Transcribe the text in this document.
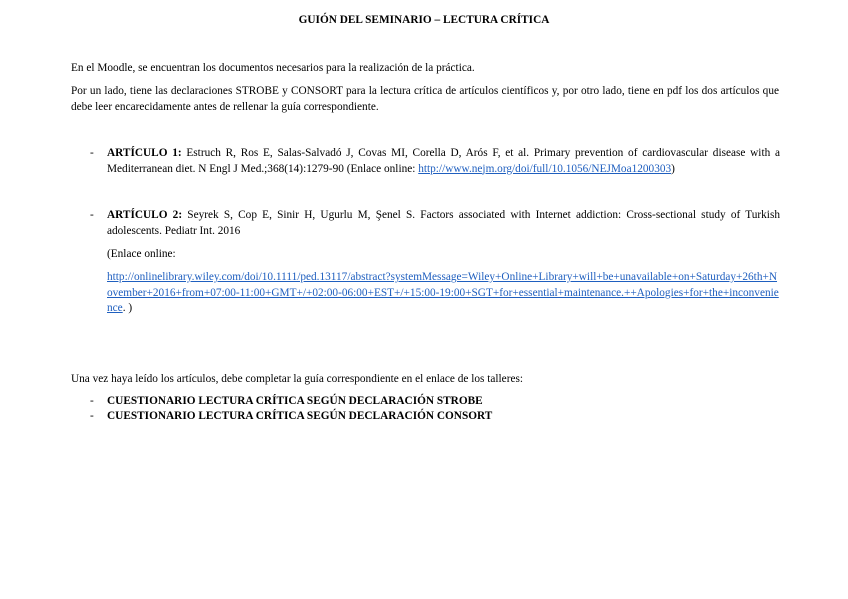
GUIÓN DEL SEMINARIO – LECTURA CRÍTICA
En el Moodle, se encuentran los documentos necesarios para la realización de la práctica.
Por un lado, tiene las declaraciones STROBE y CONSORT para la lectura crítica de artículos científicos y, por otro lado, tiene en pdf los dos artículos que debe leer encarecidamente antes de rellenar la guía correspondiente.
- ARTÍCULO 1: Estruch R, Ros E, Salas-Salvadó J, Covas MI, Corella D, Arós F, et al. Primary prevention of cardiovascular disease with a Mediterranean diet. N Engl J Med.;368(14):1279-90 (Enlace online: http://www.nejm.org/doi/full/10.1056/NEJMoa1200303)
- ARTÍCULO 2: Seyrek S, Cop E, Sinir H, Ugurlu M, Şenel S. Factors associated with Internet addiction: Cross-sectional study of Turkish adolescents. Pediatr Int. 2016
(Enlace online:
http://onlinelibrary.wiley.com/doi/10.1111/ped.13117/abstract?systemMessage=Wiley+Online+Library+will+be+unavailable+on+Saturday+26th+November+2016+from+07:00-11:00+GMT+/+02:00-06:00+EST+/+15:00-19:00+SGT+for+essential+maintenance.++Apologies+for+the+inconvenience. )
Una vez haya leído los artículos, debe completar la guía correspondiente en el enlace de los talleres:
- CUESTIONARIO LECTURA CRÍTICA SEGÚN DECLARACIÓN STROBE
- CUESTIONARIO LECTURA CRÍTICA SEGÚN DECLARACIÓN CONSORT
